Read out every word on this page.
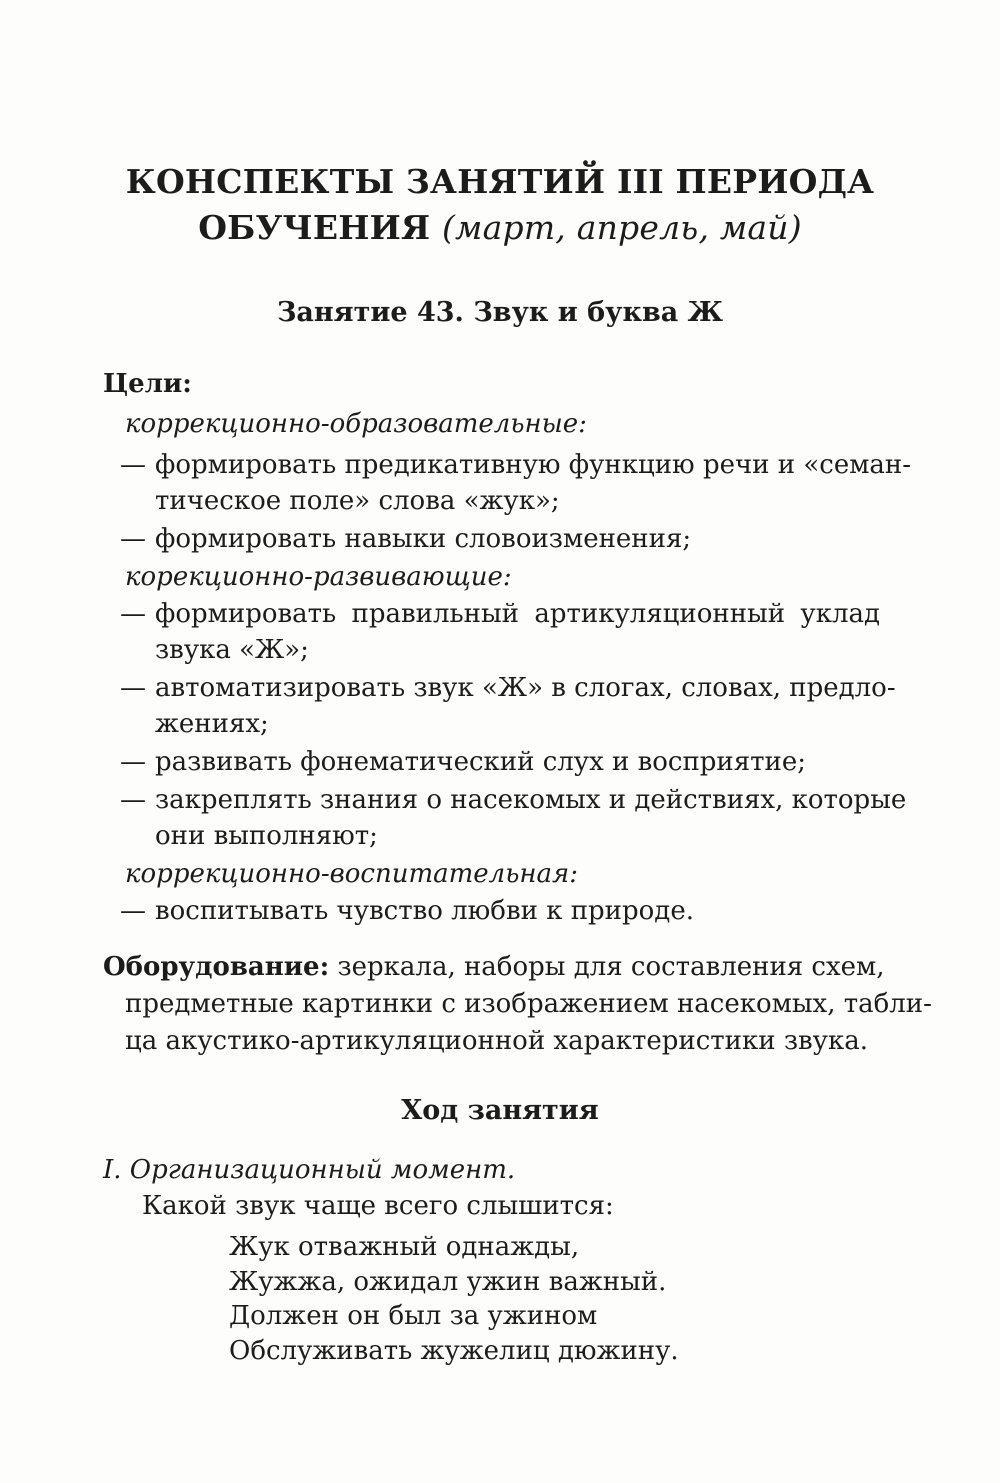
КОНСПЕКТЫ ЗАНЯТИЙ III ПЕРИОДА
ОБУЧЕНИЯ (март, апрель, май)
Занятие 43. Звук и буква Ж
Цели:
коррекционно-образовательные:
— формировать предикативную функцию речи и «семан-
тическое поле» слова «жук»;
— формировать навыки словоизменения;
корекционно-развивающие:
— формировать правильный артикуляционный уклад
звука «Ж»;
— автоматизировать звук «Ж» в слогах, словах, предло-
жениях;
— развивать фонематический слух и восприятие;
— закреплять знания о насекомых и действиях, которые
они выполняют;
коррекционно-воспитательная:
— воспитывать чувство любви к природе.
Оборудование: зеркала, наборы для составления схем,
предметные картинки с изображением насекомых, табли-
ца акустико-артикуляционной характеристики звука.
Ход занятия
I. Организационный момент.
Какой звук чаще всего слышится:
Жук отважный однажды,
Жужжа, ожидал ужин важный.
Должен он был за ужином
Обслуживать жужелиц дюжину.
